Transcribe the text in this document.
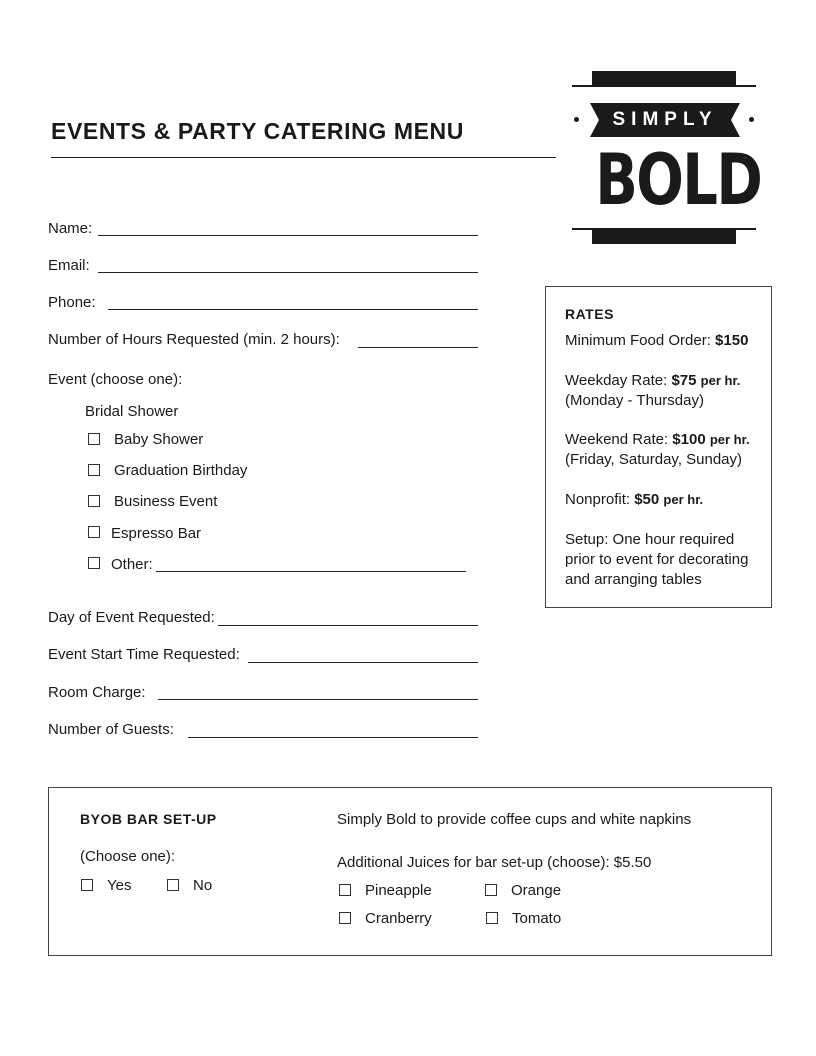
EVENTS & PARTY CATERING MENU	SIMPLY
BOLD
Name:
Email:
Phone:
Number of Hours Requested (min. 2 hours):
Event (choose one):
Bridal Shower
Baby Shower
Graduation Birthday
Business Event
Espresso Bar
Other:
Day of Event Requested:
Event Start Time Requested:
Room Charge:
Number of Guests:
RATES
Minimum Food Order: $150
Weekday Rate: $75 per hr.
(Monday - Thursday)
Weekend Rate: $100 per hr.
(Friday, Saturday, Sunday)
Nonprofit: $50 per hr.
Setup: One hour required
prior to event for decorating
and arranging tables
BYOB BAR SET-UP
(Choose one):
Yes	No
Simply Bold to provide coffee cups and white napkins
Additional Juices for bar set-up (choose): $5.50
Pineapple	Orange
Cranberry	Tomato
